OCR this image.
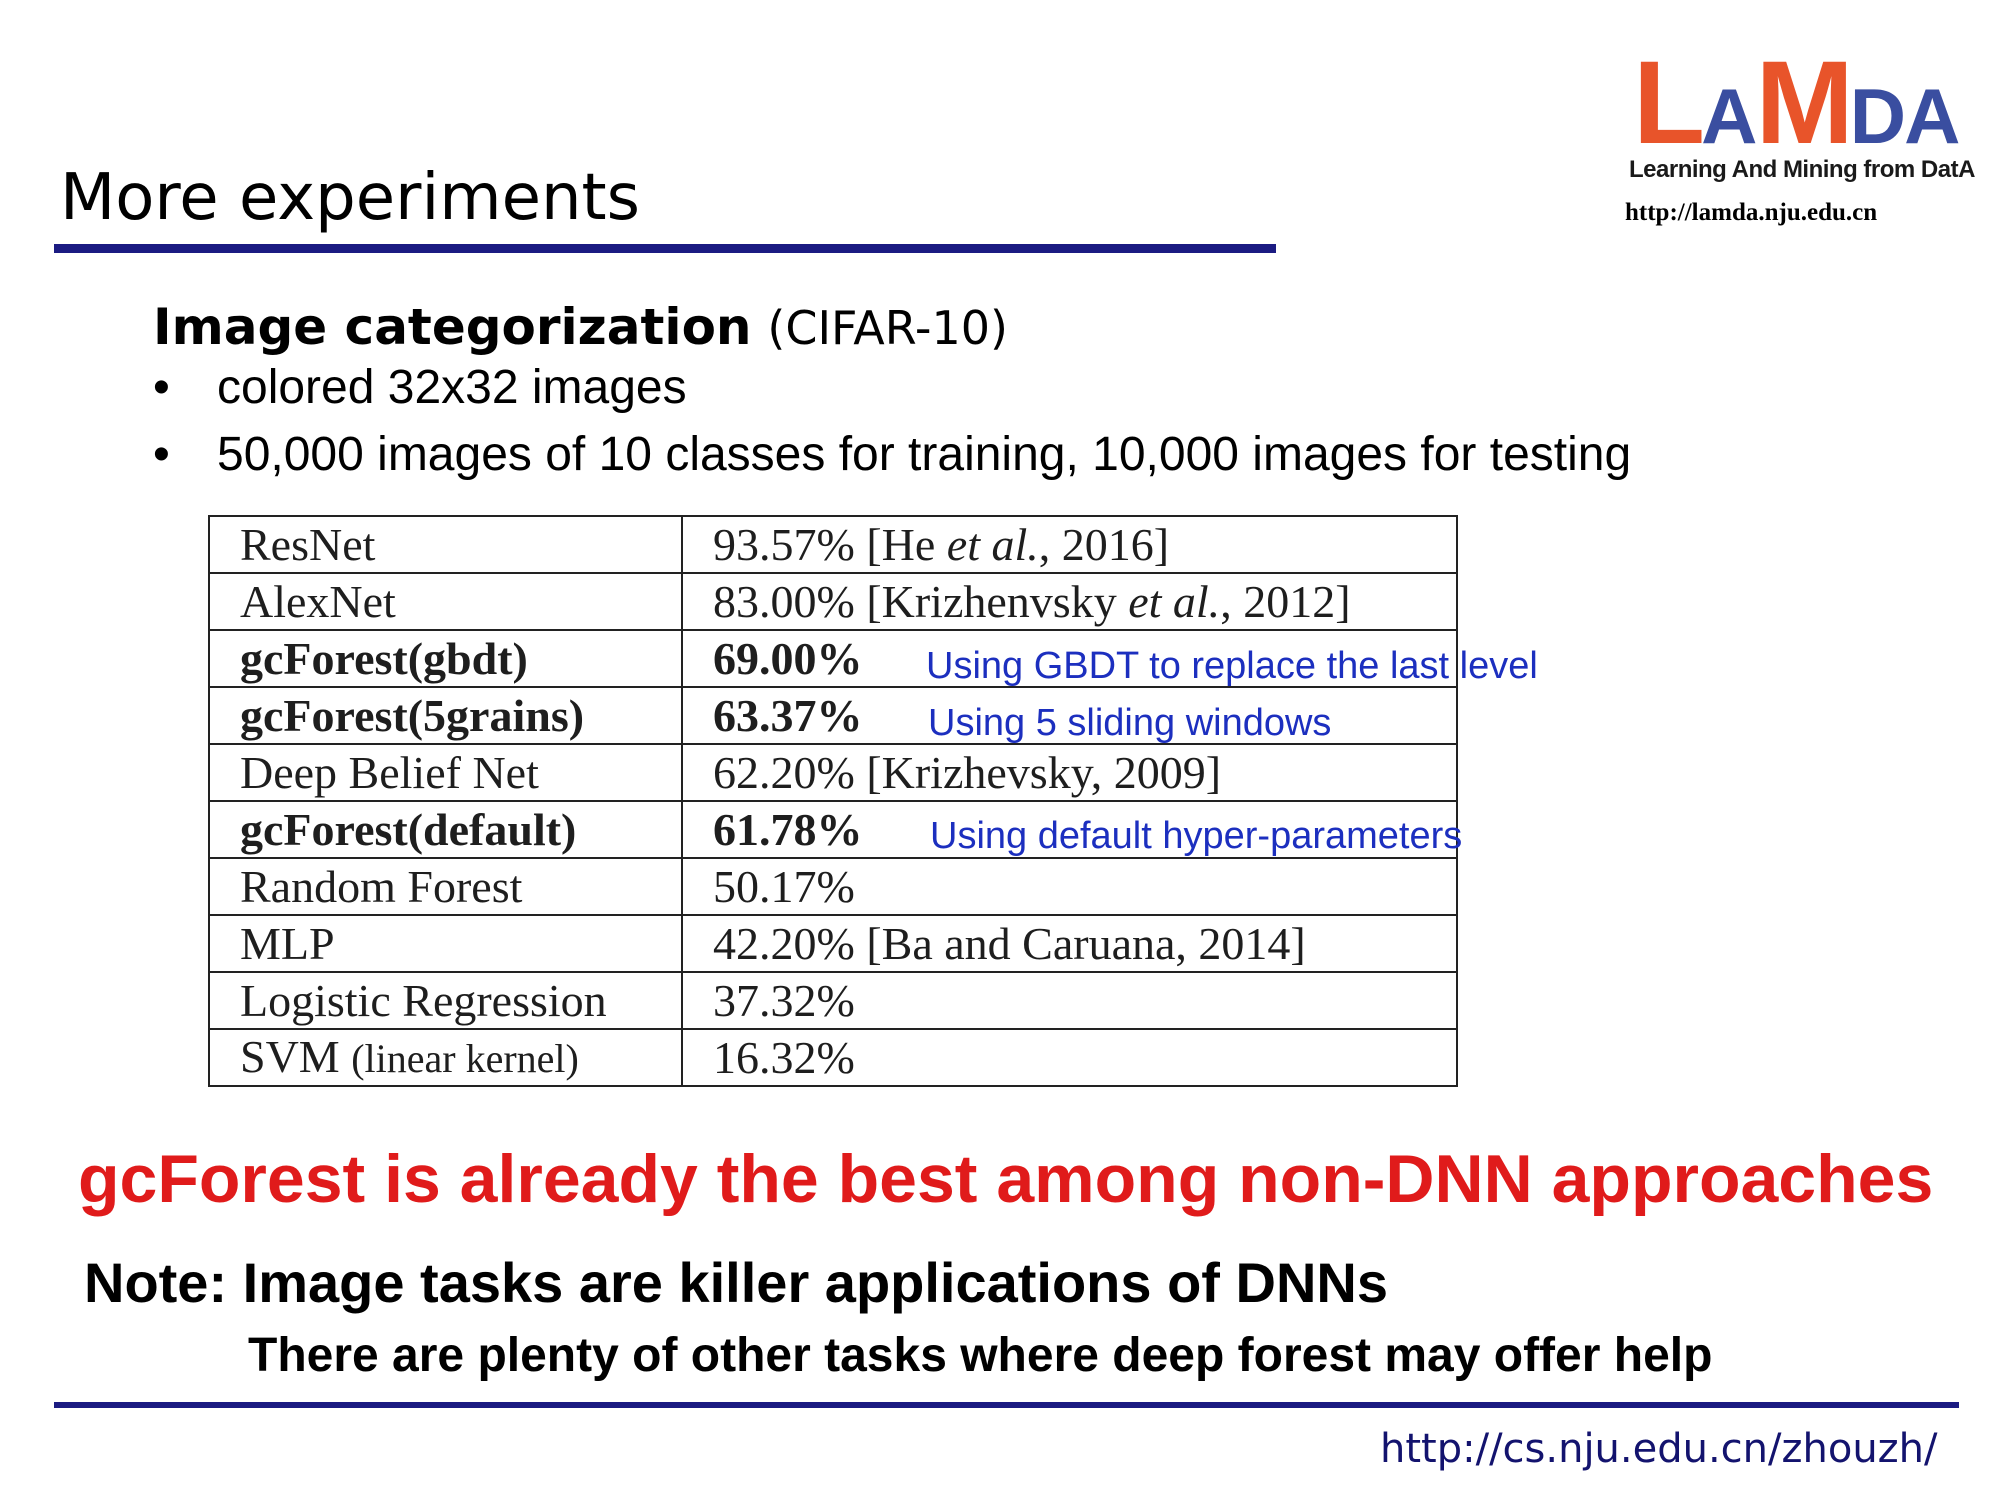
More experiments
LAMDA
Learning And Mining from DatA
http://lamda.nju.edu.cn
Image categorization (CIFAR-10)
• colored 32x32 images
• 50,000 images of 10 classes for training, 10,000 images for testing
ResNet	93.57% [He et al., 2016]
AlexNet	83.00% [Krizhenvsky et al., 2012]
gcForest(gbdt)	69.00%
gcForest(5grains)	63.37%
Deep Belief Net	62.20% [Krizhevsky, 2009]
gcForest(default)	61.78%
Random Forest	50.17%
MLP	42.20% [Ba and Caruana, 2014]
Logistic Regression	37.32%
SVM (linear kernel)	16.32%
Using GBDT to replace the last level
Using 5 sliding windows
Using default hyper-parameters
gcForest is already the best among non-DNN approaches
Note: Image tasks are killer applications of DNNs
There are plenty of other tasks where deep forest may offer help
http://cs.nju.edu.cn/zhouzh/
